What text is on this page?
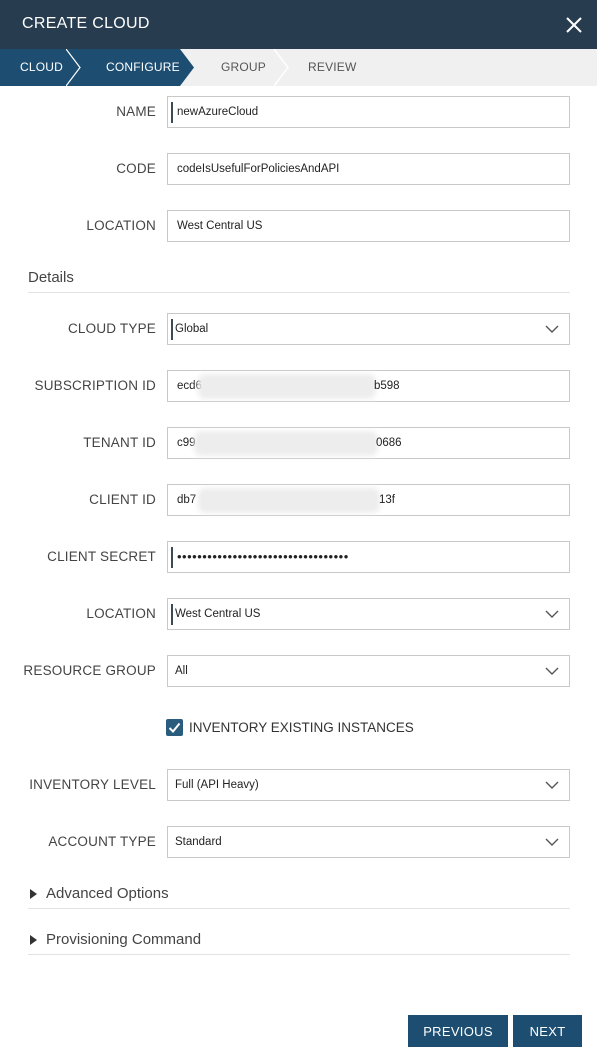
CREATE CLOUD
CLOUD	CONFIGURE	GROUP	REVIEW
NAME newAzureCloud
CODE codeIsUsefulForPoliciesAndAPI
LOCATION West Central US
Details
CLOUD TYPE Global
SUBSCRIPTION ID ecd6	b598
TENANT ID c99	0686
CLIENT ID db7	13f
CLIENT SECRET ••••••••••••••••••••••••••••••••••
LOCATION West Central US
RESOURCE GROUP All
INVENTORY EXISTING INSTANCES
INVENTORY LEVEL Full (API Heavy)
ACCOUNT TYPE Standard
Advanced Options
Provisioning Command
PREVIOUS	NEXT
